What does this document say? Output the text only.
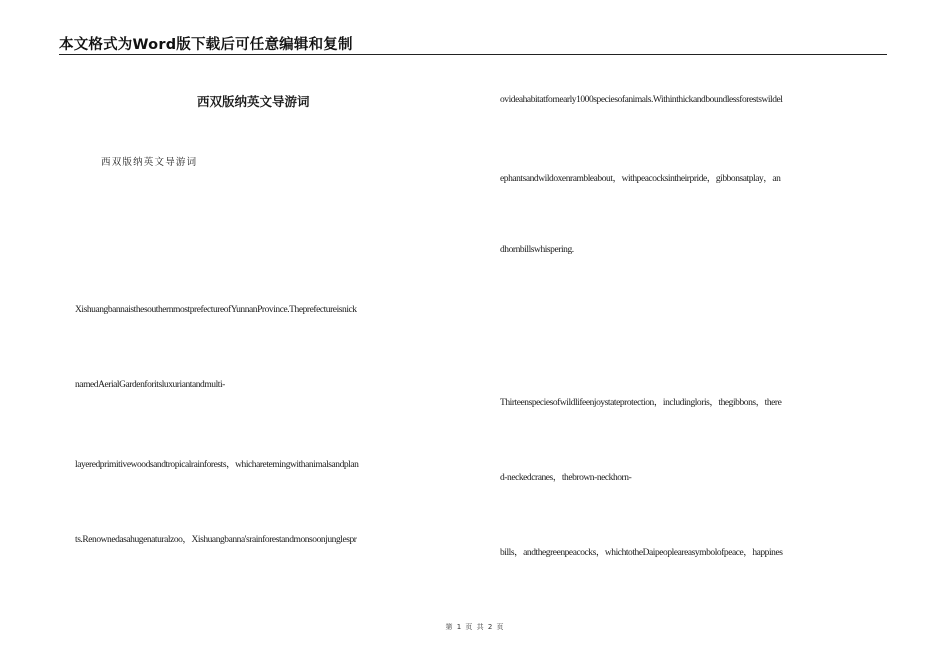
本文格式为Word版下载后可任意编辑和复制
西双版纳英文导游词
西双版纳英文导游词
XishuangbannaisthesouthernmostprefectureofYunnanProvince.Theprefectureisnick
namedAerialGardenforitsluxuriantandmulti-
layeredprimitivewoodsandtropicalrainforests，whicharetemingwithanimalsandplan
ts.Renownedasahugenaturalzoo，Xishuangbanna'srainforestandmonsoonjunglespr
ovideahabitatfornearly1000speciesofanimals.Withinthickandboundlessforestswildel
ephantsandwildoxenrambleabout，withpeacocksintheirpride，gibbonsatplay，an
dhornbillswhispering.
Thirteenspeciesofwildlifeenjoystateprotection，includingloris，thegibbons，there
d-neckedcranes，thebrown-neckhorn-
bills，andthegreenpeacocks，whichtotheDaipeopleareasymbolofpeace，happines
第 1 页 共 2 页
